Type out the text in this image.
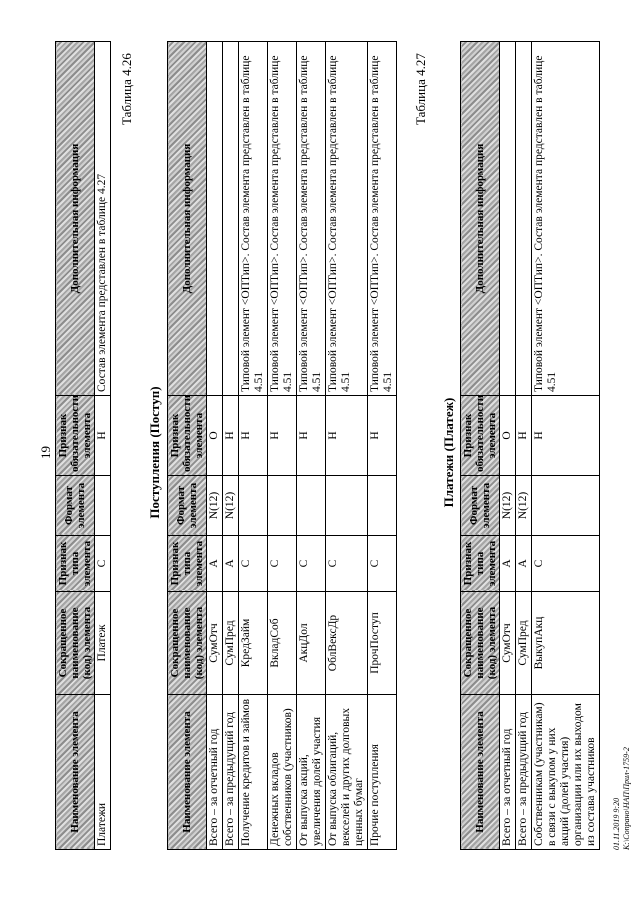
19
Наименование элемента	Сокращенное наименование (код) элемента	Признак типа элемента	Формат элемента	Признак обязательности элемента	Дополнительная информация
Платежи	Платеж	С		Н	Состав элемента представлен в таблице 4.27
Таблица 4.26
Поступления (Поступ)
Наименование элемента	Сокращенное наименование (код) элемента	Признак типа элемента	Формат элемента	Признак обязательности элемента	Дополнительная информация
Всего – за отчетный год	СумОтч	А	N(12)	О	
Всего – за предыдущий год	СумПред	А	N(12)	Н	
Получение кредитов и займов	КредЗайм	С		Н	Типовой элемент <ОПТип>. Состав элемента представлен в таблице 4.51
Денежных вкладов собственников (участников)	ВкладСоб	С		Н	Типовой элемент <ОПТип>. Состав элемента представлен в таблице 4.51
От выпуска акций, увеличения долей участия	АкцДол	С		Н	Типовой элемент <ОПТип>. Состав элемента представлен в таблице 4.51
От выпуска облигаций, векселей и других долговых ценных бумаг	ОблВексДр	С		Н	Типовой элемент <ОПТип>. Состав элемента представлен в таблице 4.51
Прочие поступления	ПрочПоступ	С		Н	Типовой элемент <ОПТип>. Состав элемента представлен в таблице 4.51
Таблица 4.27
Платежи (Платеж)
Наименование элемента	Сокращенное наименование (код) элемента	Признак типа элемента	Формат элемента	Признак обязательности элемента	Дополнительная информация
Всего – за отчетный год	СумОтч	А	N(12)	О	
Всего – за предыдущий год	СумПред	А	N(12)	Н	
Собственникам (участникам) в связи с выкупом у них акций (долей участия) организации или их выходом из состава участников	ВыкупАкц	С		Н	Типовой элемент <ОПТип>. Состав элемента представлен в таблице 4.51
01.11.2019 9:20 К:\Сопрано\НАП\Прил-1759-2
